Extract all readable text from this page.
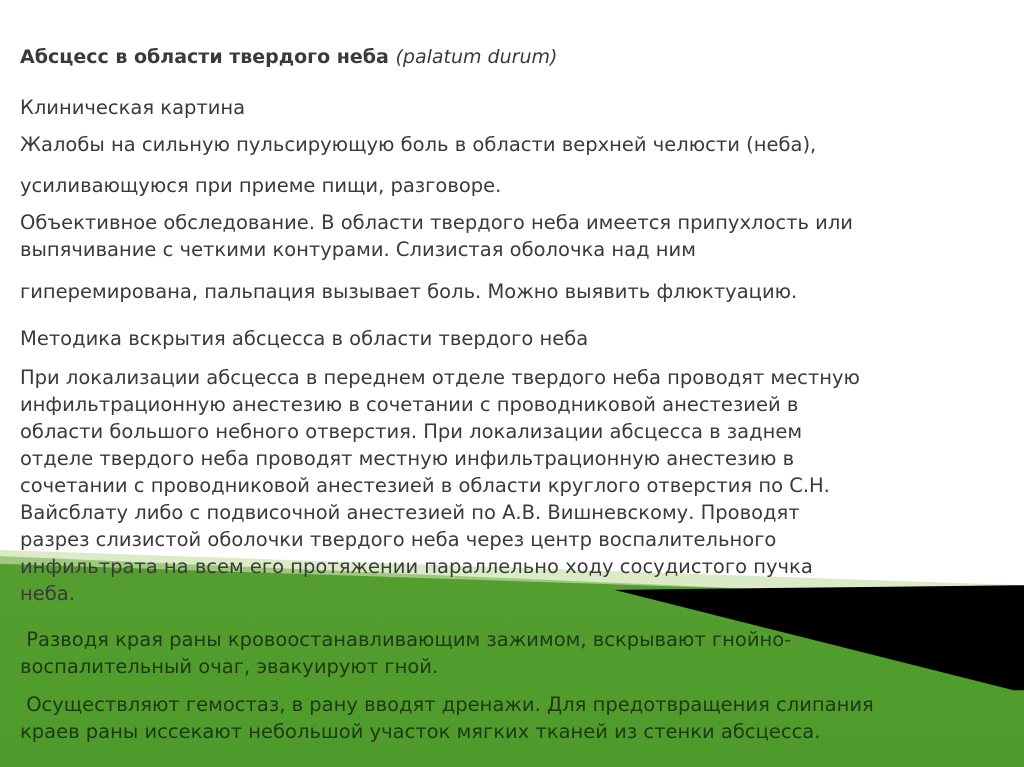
Абсцесс в области твердого неба (palatum durum)

Клиническая картина

Жалобы на сильную пульсирующую боль в области верхней челюсти (неба),

усиливающуюся при приеме пищи, разговоре.

Объективное обследование. В области твердого неба имеется припухлость или

выпячивание с четкими контурами. Слизистая оболочка над ним

гиперемирована, пальпация вызывает боль. Можно выявить флюктуацию.

Методика вскрытия абсцесса в области твердого неба

При локализации абсцесса в переднем отделе твердого неба проводят местную

инфильтрационную анестезию в сочетании с проводниковой анестезией в

области большого небного отверстия. При локализации абсцесса в заднем

отделе твердого неба проводят местную инфильтрационную анестезию в

сочетании с проводниковой анестезией в области круглого отверстия по С.Н.

Вайсблату либо с подвисочной анестезией по А.В. Вишневскому. Проводят

разрез слизистой оболочки твердого неба через центр воспалительного

инфильтрата на всем его протяжении параллельно ходу сосудистого пучка

неба.

Разводя края раны кровоостанавливающим зажимом, вскрывают гнойно-

воспалительный очаг, эвакуируют гной.

Осуществляют гемостаз, в рану вводят дренажи. Для предотвращения слипания

краев раны иссекают небольшой участок мягких тканей из стенки абсцесса.
